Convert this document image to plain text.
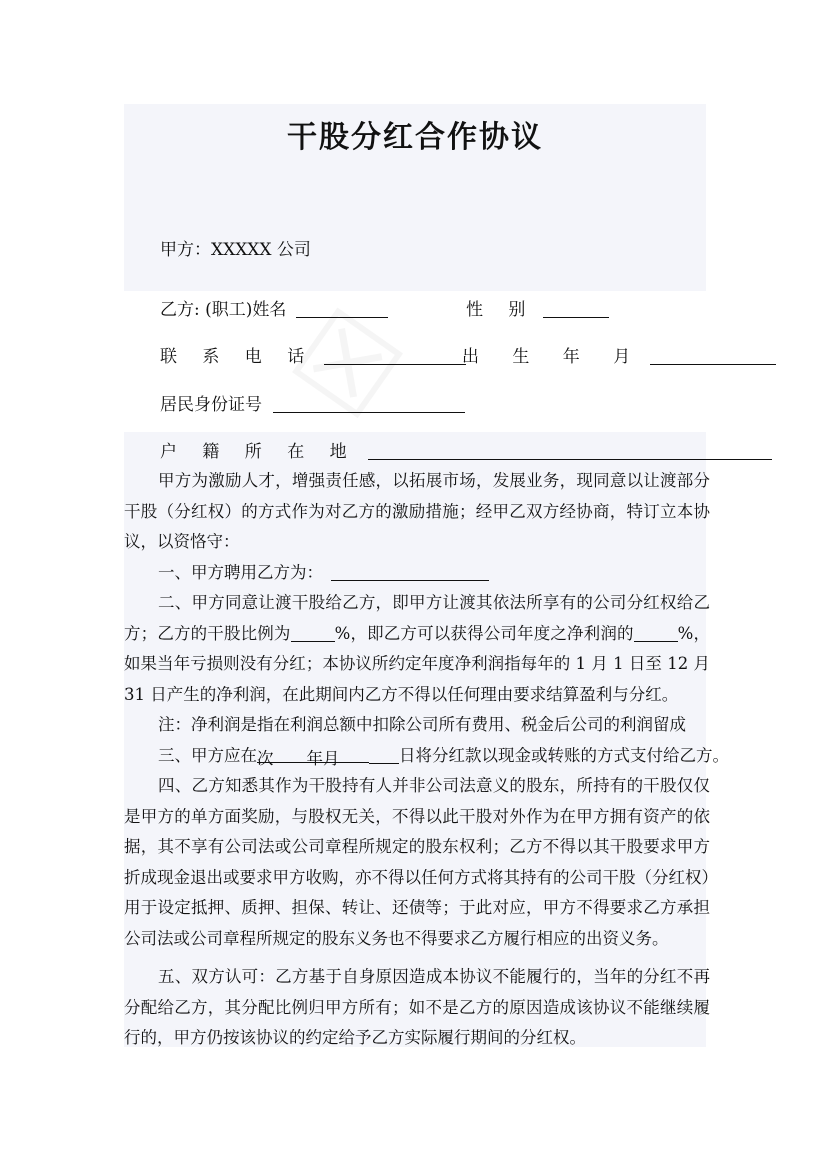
干股分红合作协议
甲方：XXXXX 公司
乙方: (职工)姓名	性 别
联 系 电 话	出 生 年 月
居民身份证号
户 籍 所 在 地
甲方为激励人才，增强责任感，以拓展市场，发展业务，现同意以让渡部分
干股（分红权）的方式作为对乙方的激励措施；经甲乙双方经协商，特订立本协
议，以资恪守：
一、甲方聘用乙方为：
二、甲方同意让渡干股给乙方，即甲方让渡其依法所享有的公司分红权给乙
方；乙方的干股比例为	%，即乙方可以获得公司年度之净利润的	%，
如果当年亏损则没有分红；本协议所约定年度净利润指每年的 1 月 1 日至 12 月
31 日产生的净利润，在此期间内乙方不得以任何理由要求结算盈利与分红。
注：净利润是指在利润总额中扣除公司所有费用、税金后公司的利润留成
三、甲方应在次 年月	日将分红款以现金或转账的方式支付给乙方。
四、乙方知悉其作为干股持有人并非公司法意义的股东，所持有的干股仅仅
是甲方的单方面奖励，与股权无关，不得以此干股对外作为在甲方拥有资产的依
据，其不享有公司法或公司章程所规定的股东权利；乙方不得以其干股要求甲方
折成现金退出或要求甲方收购，亦不得以任何方式将其持有的公司干股（分红权）
用于设定抵押、质押、担保、转让、还债等；于此对应，甲方不得要求乙方承担
公司法或公司章程所规定的股东义务也不得要求乙方履行相应的出资义务。
五、双方认可：乙方基于自身原因造成本协议不能履行的，当年的分红不再
分配给乙方，其分配比例归甲方所有；如不是乙方的原因造成该协议不能继续履
行的，甲方仍按该协议的约定给予乙方实际履行期间的分红权。
